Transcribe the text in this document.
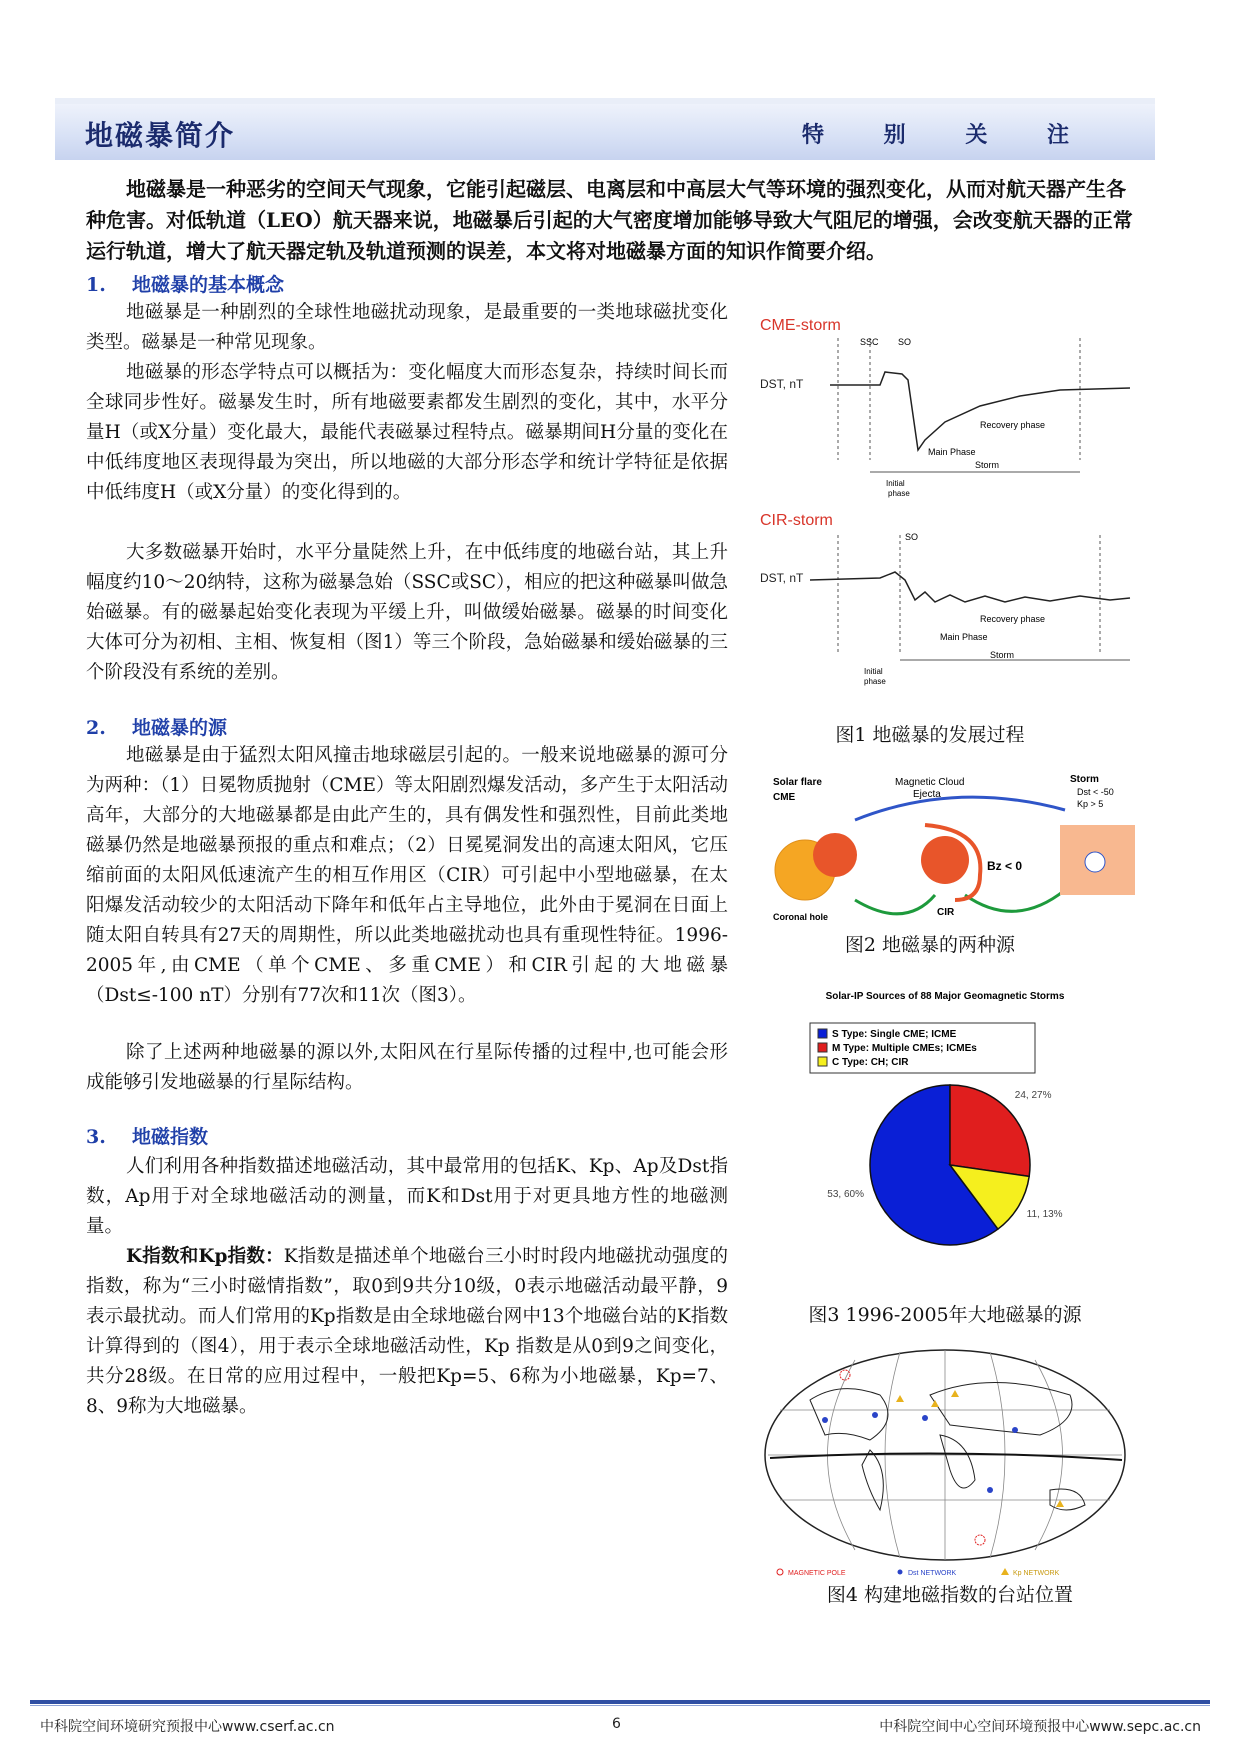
地磁暴简介	特 别 关 注
地磁暴是一种恶劣的空间天气现象，它能引起磁层、电离层和中高层大气等环境的强烈变化，从而对航天器产生各种危害。对低轨道（LEO）航天器来说，地磁暴后引起的大气密度增加能够导致大气阻尼的增强，会改变航天器的正常运行轨道，增大了航天器定轨及轨道预测的误差，本文将对地磁暴方面的知识作简要介绍。
1. 地磁暴的基本概念
地磁暴是一种剧烈的全球性地磁扰动现象，是最重要的一类地球磁扰变化类型。磁暴是一种常见现象。
地磁暴的形态学特点可以概括为：变化幅度大而形态复杂，持续时间长而全球同步性好。磁暴发生时，所有地磁要素都发生剧烈的变化，其中，水平分量H（或X分量）变化最大，最能代表磁暴过程特点。磁暴期间H分量的变化在中低纬度地区表现得最为突出，所以地磁的大部分形态学和统计学特征是依据中低纬度H（或X分量）的变化得到的。
大多数磁暴开始时，水平分量陡然上升，在中低纬度的地磁台站，其上升幅度约10～20纳特，这称为磁暴急始（SSC或SC），相应的把这种磁暴叫做急始磁暴。有的磁暴起始变化表现为平缓上升，叫做缓始磁暴。磁暴的时间变化大体可分为初相、主相、恢复相（图1）等三个阶段，急始磁暴和缓始磁暴的三个阶段没有系统的差别。
2. 地磁暴的源
地磁暴是由于猛烈太阳风撞击地球磁层引起的。一般来说地磁暴的源可分为两种：（1）日冕物质抛射（CME）等太阳剧烈爆发活动，多产生于太阳活动高年，大部分的大地磁暴都是由此产生的，具有偶发性和强烈性，目前此类地磁暴仍然是地磁暴预报的重点和难点；（2）日冕冕洞发出的高速太阳风，它压缩前面的太阳风低速流产生的相互作用区（CIR）可引起中小型地磁暴，在太阳爆发活动较少的太阳活动下降年和低年占主导地位，此外由于冕洞在日面上随太阳自转具有27天的周期性，所以此类地磁扰动也具有重现性特征。1996-2005年,由CME（单个CME、多重CME）和CIR引起的大地磁暴（Dst≤-100 nT）分别有77次和11次（图3）。
除了上述两种地磁暴的源以外,太阳风在行星际传播的过程中,也可能会形成能够引发地磁暴的行星际结构。
3. 地磁指数
人们利用各种指数描述地磁活动，其中最常用的包括K、Kp、Ap及Dst指数，Ap用于对全球地磁活动的测量，而K和Dst用于对更具地方性的地磁测量。
K指数和Kp指数：K指数是描述单个地磁台三小时时段内地磁扰动强度的指数，称为“三小时磁情指数”，取0到9共分10级，0表示地磁活动最平静，9表示最扰动。而人们常用的Kp指数是由全球地磁台网中13个地磁台站的K指数计算得到的（图4），用于表示全球地磁活动性，Kp 指数是从0到9之间变化，共分28级。在日常的应用过程中，一般把Kp=5、6称为小地磁暴，Kp=7、8、9称为大地磁暴。
CME-storm
DST, nT
SSC SO
Recovery phase
Main Phase
Storm
Initial
phase
CIR-storm
DST, nT
SO
Recovery phase
Main Phase
Storm
Initial
phase
图1 地磁暴的发展过程
Solar flare
CME
Coronal hole
Magnetic Cloud
Ejecta
CIR
Bz < 0
Storm
Dst < -50
Kp > 5
图2 地磁暴的两种源
Solar-IP Sources of 88 Major Geomagnetic Storms
S Type: Single CME; ICME
M Type: Multiple CMEs; ICMEs
C Type: CH; CIR
53, 60%
24, 27%
11, 13%
图3 1996-2005年大地磁暴的源
MAGNETIC POLE	Dst NETWORK	Kp NETWORK
图4 构建地磁指数的台站位置
中科院空间环境研究预报中心www.cserf.ac.cn	6	中科院空间中心空间环境预报中心www.sepc.ac.cn
